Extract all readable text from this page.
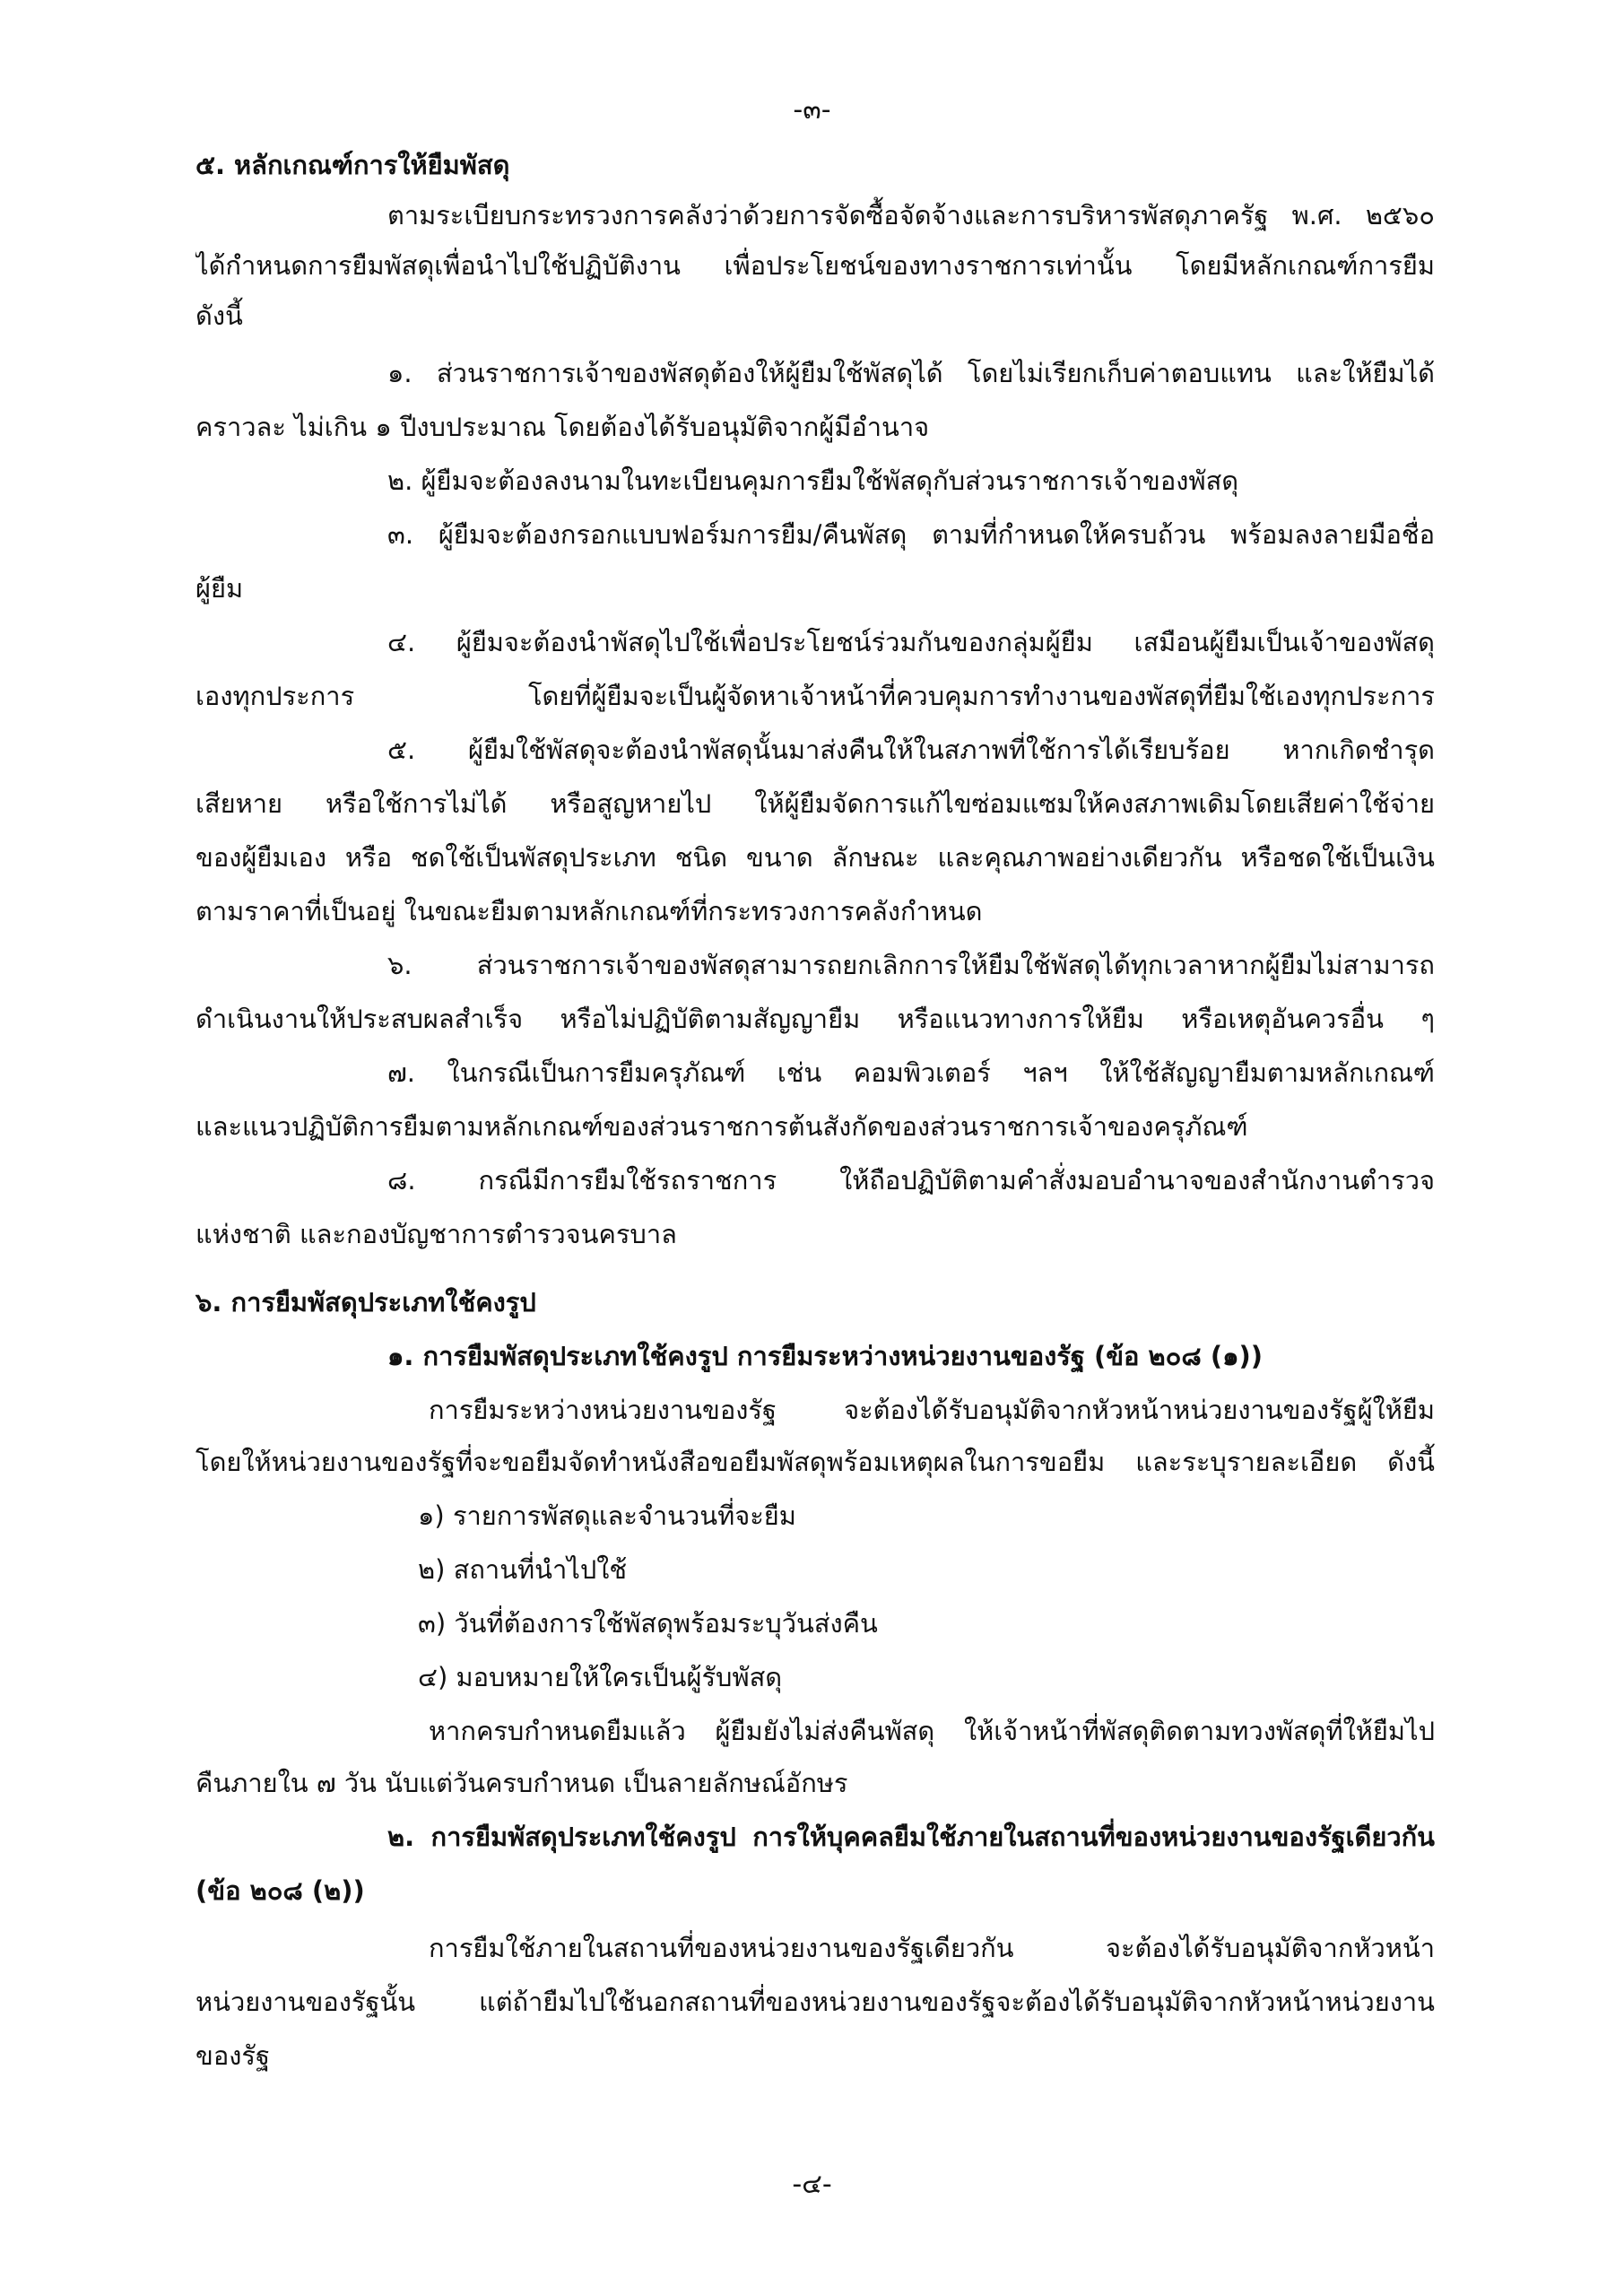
-๓-
๕. หลักเกณฑ์การให้ยืมพัสดุ
ตามระเบียบกระทรวงการคลังว่าด้วยการจัดซื้อจัดจ้างและการบริหารพัสดุภาครัฐ พ.ศ. ๒๕๖๐
ได้กำหนดการยืมพัสดุเพื่อนำไปใช้ปฏิบัติงาน เพื่อประโยชน์ของทางราชการเท่านั้น โดยมีหลักเกณฑ์การยืม
ดังนี้
๑. ส่วนราชการเจ้าของพัสดุต้องให้ผู้ยืมใช้พัสดุได้ โดยไม่เรียกเก็บค่าตอบแทน และให้ยืมได้
คราวละ ไม่เกิน ๑ ปีงบประมาณ โดยต้องได้รับอนุมัติจากผู้มีอำนาจ
๒. ผู้ยืมจะต้องลงนามในทะเบียนคุมการยืมใช้พัสดุกับส่วนราชการเจ้าของพัสดุ
๓. ผู้ยืมจะต้องกรอกแบบฟอร์มการยืม/คืนพัสดุ ตามที่กำหนดให้ครบถ้วน พร้อมลงลายมือชื่อ
ผู้ยืม
๔. ผู้ยืมจะต้องนำพัสดุไปใช้เพื่อประโยชน์ร่วมกันของกลุ่มผู้ยืม เสมือนผู้ยืมเป็นเจ้าของพัสดุ
เองทุกประการ โดยที่ผู้ยืมจะเป็นผู้จัดหาเจ้าหน้าที่ควบคุมการทำงานของพัสดุที่ยืมใช้เองทุกประการ
๕. ผู้ยืมใช้พัสดุจะต้องนำพัสดุนั้นมาส่งคืนให้ในสภาพที่ใช้การได้เรียบร้อย หากเกิดชำรุด
เสียหาย หรือใช้การไม่ได้ หรือสูญหายไป ให้ผู้ยืมจัดการแก้ไขซ่อมแซมให้คงสภาพเดิมโดยเสียค่าใช้จ่าย
ของผู้ยืมเอง หรือ ชดใช้เป็นพัสดุประเภท ชนิด ขนาด ลักษณะ และคุณภาพอย่างเดียวกัน หรือชดใช้เป็นเงิน
ตามราคาที่เป็นอยู่ ในขณะยืมตามหลักเกณฑ์ที่กระทรวงการคลังกำหนด
๖. ส่วนราชการเจ้าของพัสดุสามารถยกเลิกการให้ยืมใช้พัสดุได้ทุกเวลาหากผู้ยืมไม่สามารถ
ดำเนินงานให้ประสบผลสำเร็จ หรือไม่ปฏิบัติตามสัญญายืม หรือแนวทางการให้ยืม หรือเหตุอันควรอื่น ๆ
๗. ในกรณีเป็นการยืมครุภัณฑ์ เช่น คอมพิวเตอร์ ฯลฯ ให้ใช้สัญญายืมตามหลักเกณฑ์
และแนวปฏิบัติการยืมตามหลักเกณฑ์ของส่วนราชการต้นสังกัดของส่วนราชการเจ้าของครุภัณฑ์
๘. กรณีมีการยืมใช้รถราชการ ให้ถือปฏิบัติตามคำสั่งมอบอำนาจของสำนักงานตำรวจ
แห่งชาติ และกองบัญชาการตำรวจนครบาล
๖. การยืมพัสดุประเภทใช้คงรูป
๑. การยืมพัสดุประเภทใช้คงรูป การยืมระหว่างหน่วยงานของรัฐ (ข้อ ๒๐๘ (๑))
การยืมระหว่างหน่วยงานของรัฐ จะต้องได้รับอนุมัติจากหัวหน้าหน่วยงานของรัฐผู้ให้ยืม
โดยให้หน่วยงานของรัฐที่จะขอยืมจัดทำหนังสือขอยืมพัสดุพร้อมเหตุผลในการขอยืม และระบุรายละเอียด ดังนี้
๑) รายการพัสดุและจำนวนที่จะยืม
๒) สถานที่นำไปใช้
๓) วันที่ต้องการใช้พัสดุพร้อมระบุวันส่งคืน
๔) มอบหมายให้ใครเป็นผู้รับพัสดุ
หากครบกำหนดยืมแล้ว ผู้ยืมยังไม่ส่งคืนพัสดุ ให้เจ้าหน้าที่พัสดุติดตามทวงพัสดุที่ให้ยืมไป
คืนภายใน ๗ วัน นับแต่วันครบกำหนด เป็นลายลักษณ์อักษร
๒. การยืมพัสดุประเภทใช้คงรูป การให้บุคคลยืมใช้ภายในสถานที่ของหน่วยงานของรัฐเดียวกัน
(ข้อ ๒๐๘ (๒))
การยืมใช้ภายในสถานที่ของหน่วยงานของรัฐเดียวกัน จะต้องได้รับอนุมัติจากหัวหน้า
หน่วยงานของรัฐนั้น แต่ถ้ายืมไปใช้นอกสถานที่ของหน่วยงานของรัฐจะต้องได้รับอนุมัติจากหัวหน้าหน่วยงาน
ของรัฐ
-๔-
